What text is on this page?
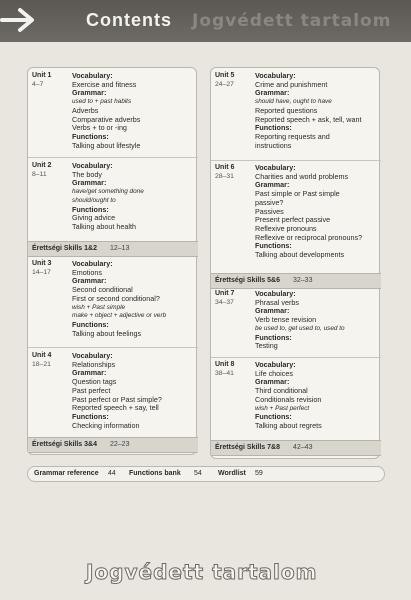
Contents Jogvédett tartalom
Unit 1
4–7
Vocabulary:
Exercise and fitness
Grammar:
used to + past habits
Adverbs
Comparative adverbs
Verbs + to or -ing
Functions:
Talking about lifestyle
Unit 2
8–11
Vocabulary:
The body
Grammar:
have/get something done
should/ought to
Functions:
Giving advice
Talking about health
Érettségi Skills 1&2 12–13
Unit 3
14–17
Vocabulary:
Emotions
Grammar:
Second conditional
First or second conditional?
wish + Past simple
make + object + adjective or verb
Functions:
Talking about feelings
Unit 4
18–21
Vocabulary:
Relationships
Grammar:
Question tags
Past perfect
Past perfect or Past simple?
Reported speech + say, tell
Functions:
Checking information
Érettségi Skills 3&4 22–23
Unit 5
24–27
Vocabulary:
Crime and punishment
Grammar:
should have, ought to have
Reported questions
Reported speech + ask, tell, want
Functions:
Reporting requests and
instructions
Unit 6
28–31
Vocabulary:
Charities and world problems
Grammar:
Past simple or Past simple
passive?
Passives
Present perfect passive
Reflexive pronouns
Reflexive or reciprocal pronouns?
Functions:
Talking about developments
Érettségi Skills 5&6 32–33
Unit 7
34–37
Vocabulary:
Phrasal verbs
Grammar:
Verb tense revision
be used to, get used to, used to
Functions:
Testing
Unit 8
38–41
Vocabulary:
Life choices
Grammar:
Third conditional
Conditionals revision
wish + Past perfect
Functions:
Talking about regrets
Érettségi Skills 7&8 42–43
Grammar reference 44 Functions bank 54 Wordlist 59
Jogvédett tartalom
